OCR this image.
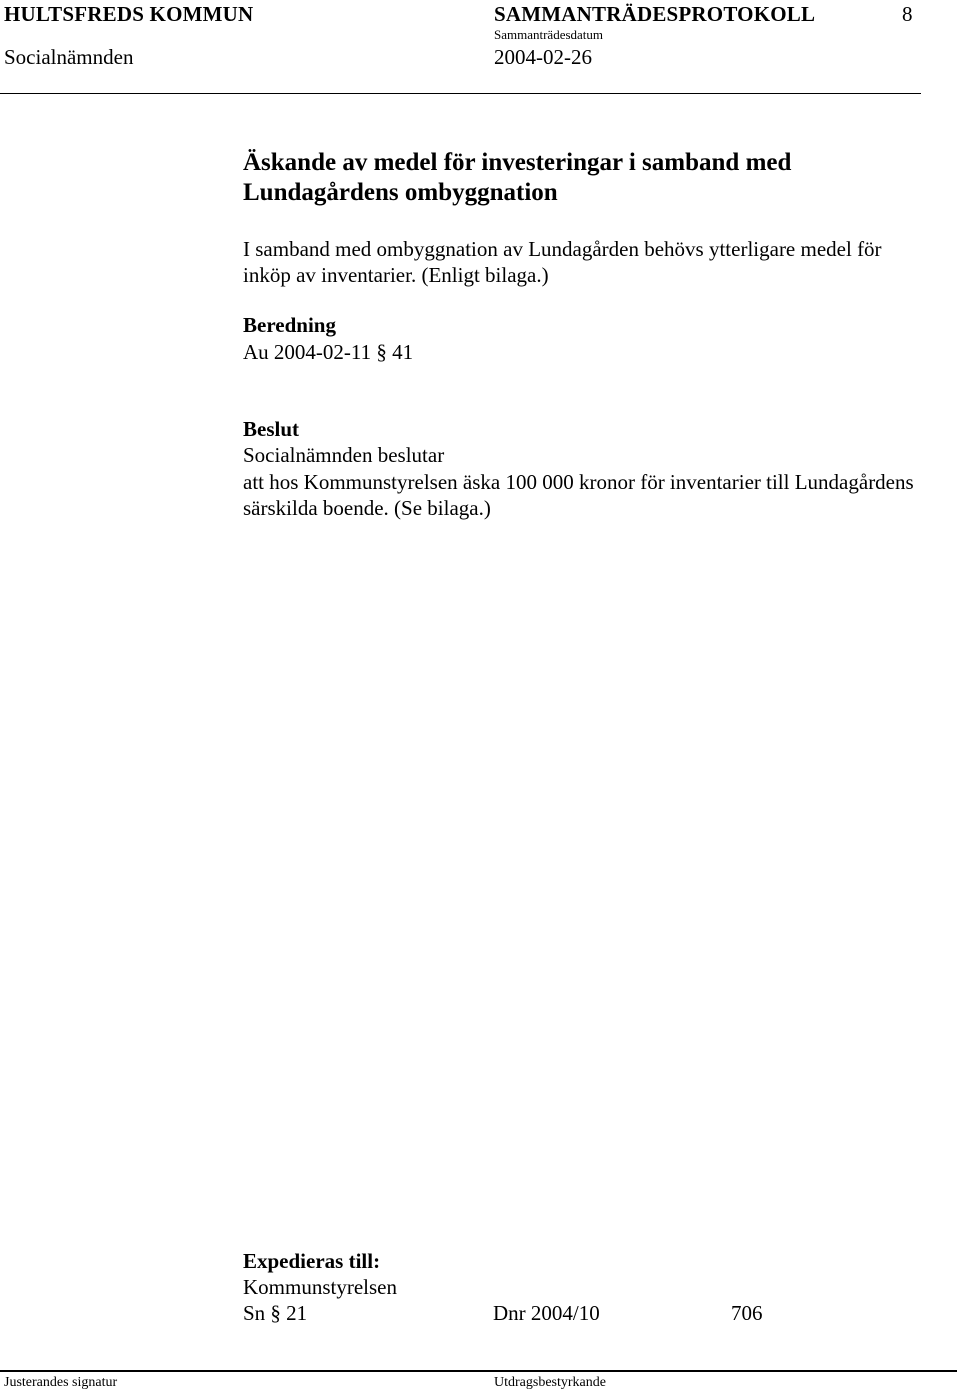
HULTSFREDS KOMMUN	SAMMANTRÄDESPROTOKOLL	8
Sammanträdesdatum
Socialnämnden	2004-02-26
Äskande av medel för investeringar i samband med Lundagårdens ombyggnation
I samband med ombyggnation av Lundagården behövs ytterligare medel för inköp av inventarier. (Enligt bilaga.)
Beredning
Au 2004-02-11 § 41
Beslut
Socialnämnden beslutar
att hos Kommunstyrelsen äska 100 000 kronor för inventarier till Lundagårdens särskilda boende. (Se bilaga.)
Expedieras till:
Kommunstyrelsen
Sn § 21	Dnr 2004/10	706
Justerandes signatur	Utdragsbestyrkande
